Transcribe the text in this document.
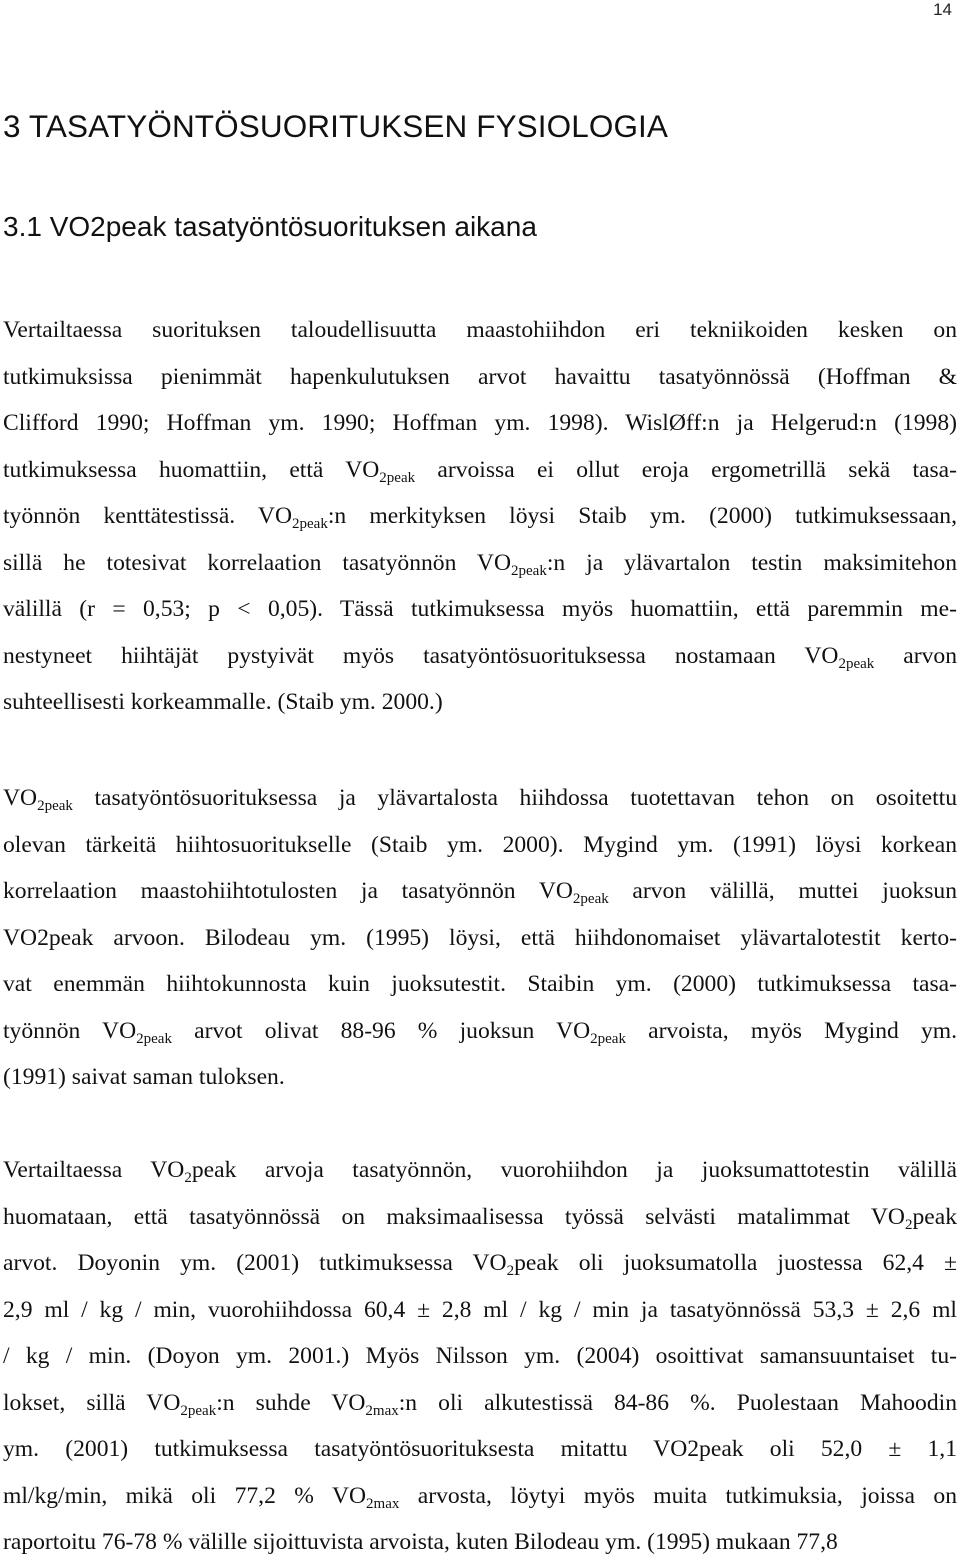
14
3 TASATYÖNTÖSUORITUKSEN FYSIOLOGIA
3.1 VO2peak tasatyöntösuorituksen aikana
Vertailtaessa suorituksen taloudellisuutta maastohiihdon eri tekniikoiden kesken on
tutkimuksissa pienimmät hapenkulutuksen arvot havaittu tasatyönnössä (Hoffman &
Clifford 1990; Hoffman ym. 1990; Hoffman ym. 1998). WislØff:n ja Helgerud:n (1998)
tutkimuksessa huomattiin, että $VO_{2peak}$ arvoissa ei ollut eroja ergometrillä sekä tasa-
työnnön kenttätestissä. $VO_{2peak}:n$ merkityksen löysi Staib ym. (2000) tutkimuksessaan,
sillä he totesivat korrelaation tasatyönnön $VO_{2peak}:n$ ja ylävartalon testin maksimitehon
välillä (r = 0,53; p < 0,05). Tässä tutkimuksessa myös huomattiin, että paremmin me-
nestyneet hiihtäjät pystyivät myös tasatyöntösuorituksessa nostamaan $VO_{2peak}$ arvon
suhteellisesti korkeammalle. (Staib ym. 2000.)
$VO_{2peak}$ tasatyöntösuorituksessa ja ylävartalosta hiihdossa tuotettavan tehon on osoitettu
olevan tärkeitä hiihtosuoritukselle (Staib ym. 2000). Mygind ym. (1991) löysi korkean
korrelaation maastohiihtotulosten ja tasatyönnön $VO_{2peak}$ arvon välillä, muttei juoksun
VO2peak arvoon. Bilodeau ym. (1995) löysi, että hiihdonomaiset ylävartalotestit kerto-
vat enemmän hiihtokunnosta kuin juoksutestit. Staibin ym. (2000) tutkimuksessa tasa-
työnnön $VO_{2peak}$ arvot olivat 88-96 % juoksun $VO_{2peak}$ arvoista, myös Mygind ym.
(1991) saivat saman tuloksen.
Vertailtaessa $VO_2peak$ arvoja tasatyönnön, vuorohiihdon ja juoksumattotestin välillä
huomataan, että tasatyönnössä on maksimaalisessa työssä selvästi matalimmat $VO_2peak$
arvot. Doyonin ym. (2001) tutkimuksessa $VO_2peak$ oli juoksumatolla juostessa 62,4 ±
2,9 ml / kg / min, vuorohiihdossa 60,4 ± 2,8 ml / kg / min ja tasatyönnössä 53,3 ± 2,6 ml
/ kg / min. (Doyon ym. 2001.) Myös Nilsson ym. (2004) osoittivat samansuuntaiset tu-
lokset, sillä $VO_{2peak}:n$ suhde $VO_{2max}:n$ oli alkutestissä 84-86 %. Puolestaan Mahoodin
ym. (2001) tutkimuksessa tasatyöntösuorituksesta mitattu VO2peak oli 52,0 ± 1,1
ml/kg/min, mikä oli 77,2 % $VO_{2max}$ arvosta, löytyi myös muita tutkimuksia, joissa on
raportoitu 76-78 % välille sijoittuvista arvoista, kuten Bilodeau ym. (1995) mukaan 77,8
